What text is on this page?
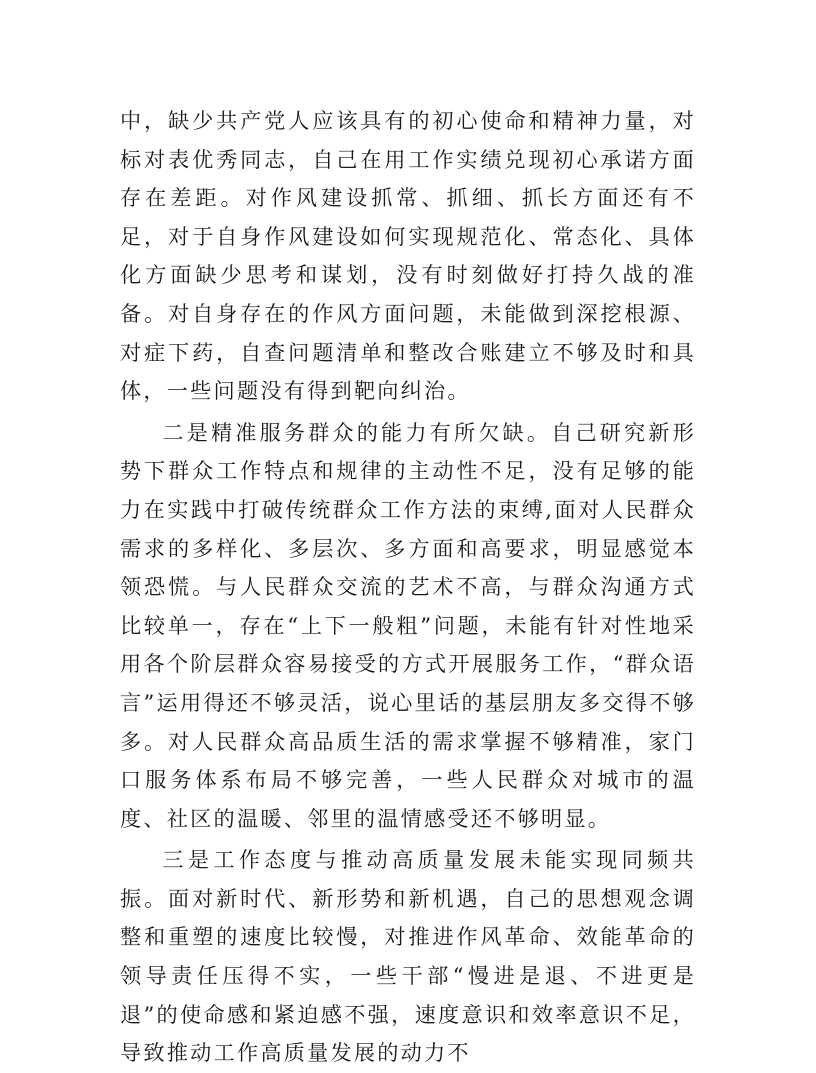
中，缺少共产党人应该具有的初心使命和精神力量，对标对表优秀同志，自己在用工作实绩兑现初心承诺方面存在差距。对作风建设抓常、抓细、抓长方面还有不足，对于自身作风建设如何实现规范化、常态化、具体化方面缺少思考和谋划，没有时刻做好打持久战的准备。对自身存在的作风方面问题，未能做到深挖根源、对症下药，自查问题清单和整改合账建立不够及时和具体，一些问题没有得到靶向纠治。

二是精准服务群众的能力有所欠缺。自己研究新形势下群众工作特点和规律的主动性不足，没有足够的能力在实践中打破传统群众工作方法的束缚,面对人民群众需求的多样化、多层次、多方面和高要求，明显感觉本领恐慌。与人民群众交流的艺术不高，与群众沟通方式比较单一，存在“上下一般粗”问题，未能有针对性地采用各个阶层群众容易接受的方式开展服务工作，“群众语言”运用得还不够灵活，说心里话的基层朋友多交得不够多。对人民群众高品质生活的需求掌握不够精准，家门口服务体系布局不够完善，一些人民群众对城市的温度、社区的温暖、邻里的温情感受还不够明显。

三是工作态度与推动高质量发展未能实现同频共振。面对新时代、新形势和新机遇，自己的思想观念调整和重塑的速度比较慢，对推进作风革命、效能革命的领导责任压得不实，一些干部“慢进是退、不进更是退”的使命感和紧迫感不强，速度意识和效率意识不足，导致推动工作高质量发展的动力不
